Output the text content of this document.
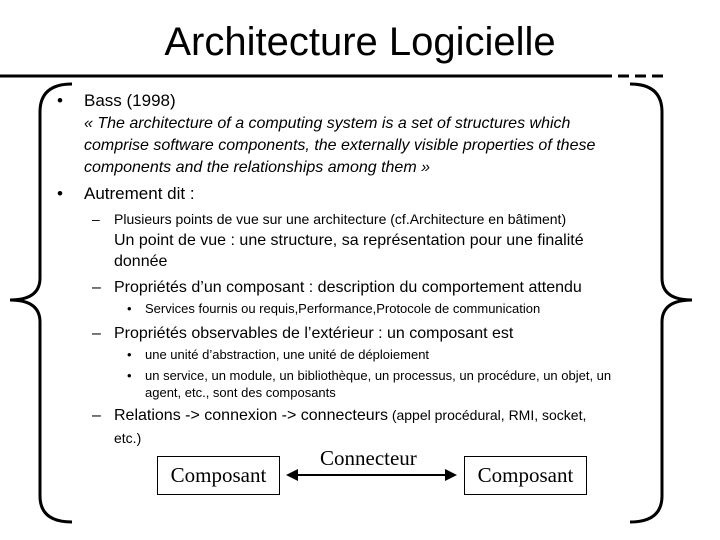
Architecture Logicielle
• Bass (1998)
« The architecture of a computing system is a set of structures which
comprise software components, the externally visible properties of these
components and the relationships among them »
• Autrement dit :
– Plusieurs points de vue sur une architecture (cf.Architecture en bâtiment)
Un point de vue : une structure, sa représentation pour une finalité
donnée
– Propriétés d’un composant : description du comportement attendu
• Services fournis ou requis,Performance,Protocole de communication
– Propriétés observables de l’extérieur : un composant est
• une unité d’abstraction, une unité de déploiement
• un service, un module, un bibliothèque, un processus, un procédure, un objet, un
agent, etc., sont des composants
– Relations -> connexion -> connecteurs (appel procédural, RMI, socket,
etc.)
Composant
Connecteur
Composant
